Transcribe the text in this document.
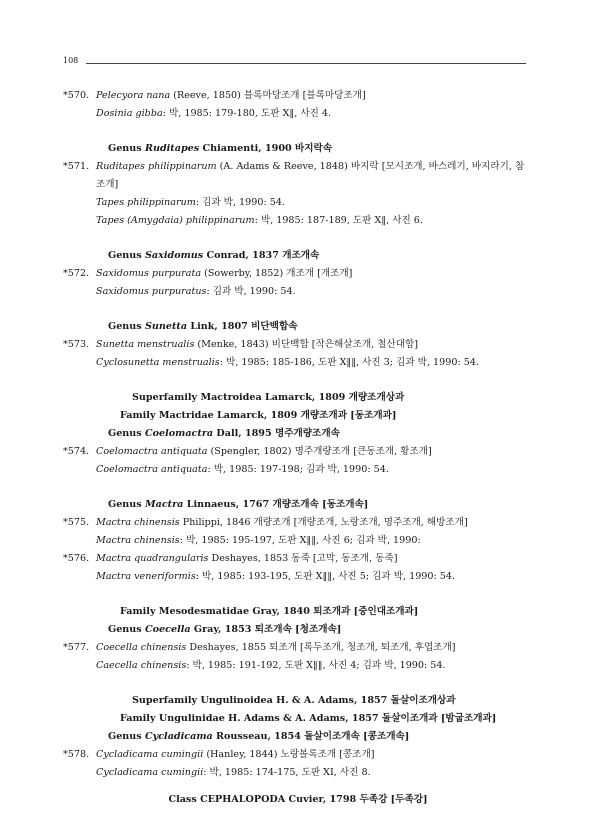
108
*570. Pelecyora nana (Reeve, 1850) 블록마당조개 [블록마당조개]
Dosinia gibba: 박, 1985: 179-180, 도판 Ⅹ‖, 사진 4.
Genus Ruditapes Chiamenti, 1900 바지락속
*571. Ruditapes philippinarum (A. Adams & Reeve, 1848) 바지락 [모시조개, 바스레기, 바지라기, 참조개]
Tapes philippinarum: 김과 박, 1990: 54.
Tapes (Amygdaia) philippinarum: 박, 1985: 187-189, 도판 Ⅹ‖, 사진 6.
Genus Saxidomus Conrad, 1837 개조개속
*572. Saxidomus purpurata (Sowerby, 1852) 개조개 [개조개]
Saxidomus purpuratus: 김과 박, 1990: 54.
Genus Sunetta Link, 1807 비단백합속
*573. Sunetta menstrualis (Menke, 1843) 비단백합 [작은해살조개, 철산대합]
Cyclosunetta menstrualis: 박, 1985: 185-186, 도판 Ⅹ‖‖, 사진 3; 김과 박, 1990: 54.
Superfamily Mactroidea Lamarck, 1809 개량조개상과
Family Mactridae Lamarck, 1809 개량조개과 [동조개과]
Genus Coelomactra Dall, 1895 명주개량조개속
*574. Coelomactra antiquata (Spengler, 1802) 명주개량조개 [큰동조개, 황조개]
Coelomactra antiquata: 박, 1985: 197-198; 김과 박, 1990: 54.
Genus Mactra Linnaeus, 1767 개량조개속 [동조개속]
*575. Mactra chinensis Philippi, 1846 개량조개 [개량조개, 노랑조개, 명주조개, 해방조개]
Mactra chinensis: 박, 1985: 195-197, 도판 Ⅹ‖‖, 사진 6; 김과 박, 1990:
*576. Mactra quadrangularis Deshayes, 1853 동죽 [고막, 동조개, 동죽]
Mactra veneriformis: 박, 1985: 193-195, 도판 Ⅹ‖‖, 사진 5; 김과 박, 1990: 54.
Family Mesodesmatidae Gray, 1840 퇴조개과 [중인대조개과]
Genus Coecella Gray, 1853 퇴조개속 [청조개속]
*577. Coecella chinensis Deshayes, 1855 퇴조개 [록두조개, 청조개, 퇴조개, 후엽조개]
Caecella chinensis: 박, 1985: 191-192, 도판 Ⅹ‖‖, 사진 4; 김과 박, 1990: 54.
Superfamily Ungulinoidea H. & A. Adams, 1857 돌살이조개상과
Family Ungulinidae H. Adams & A. Adams, 1857 돌살이조개과 [밤굽조개과]
Genus Cycladicama Rousseau, 1854 돌살이조개속 [콩조개속]
*578. Cycladicama cumingii (Hanley, 1844) 노랑볼록조개 [콩조개]
Cycladicama cumingii: 박, 1985: 174-175, 도판 XI, 사진 8.
Class CEPHALOPODA Cuvier, 1798 두족강 [두족강]
